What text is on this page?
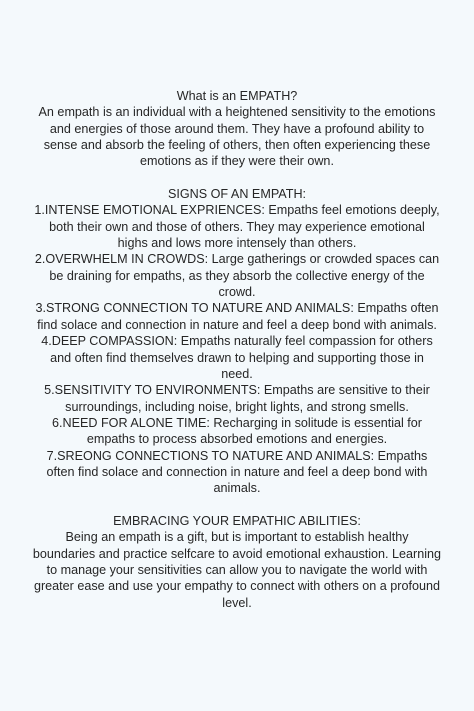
What is an EMPATH?
An empath is an individual with a heightened sensitivity to the emotions
and energies of those around them. They have a profound ability to
sense and absorb the feeling of others, then often experiencing these
emotions as if they were their own.
SIGNS OF AN EMPATH:
1.INTENSE EMOTIONAL EXPRIENCES: Empaths feel emotions deeply,
both their own and those of others. They may experience emotional
highs and lows more intensely than others.
2.OVERWHELM IN CROWDS: Large gatherings or crowded spaces can
be draining for empaths, as they absorb the collective energy of the
crowd.
3.STRONG CONNECTION TO NATURE AND ANIMALS: Empaths often
find solace and connection in nature and feel a deep bond with animals.
4.DEEP COMPASSION: Empaths naturally feel compassion for others
and often find themselves drawn to helping and supporting those in
need.
5.SENSITIVITY TO ENVIRONMENTS: Empaths are sensitive to their
surroundings, including noise, bright lights, and strong smells.
6.NEED FOR ALONE TIME: Recharging in solitude is essential for
empaths to process absorbed emotions and energies.
7.SREONG CONNECTIONS TO NATURE AND ANIMALS: Empaths
often find solace and connection in nature and feel a deep bond with
animals.
EMBRACING YOUR EMPATHIC ABILITIES:
Being an empath is a gift, but is important to establish healthy
boundaries and practice selfcare to avoid emotional exhaustion. Learning
to manage your sensitivities can allow you to navigate the world with
greater ease and use your empathy to connect with others on a profound
level.
